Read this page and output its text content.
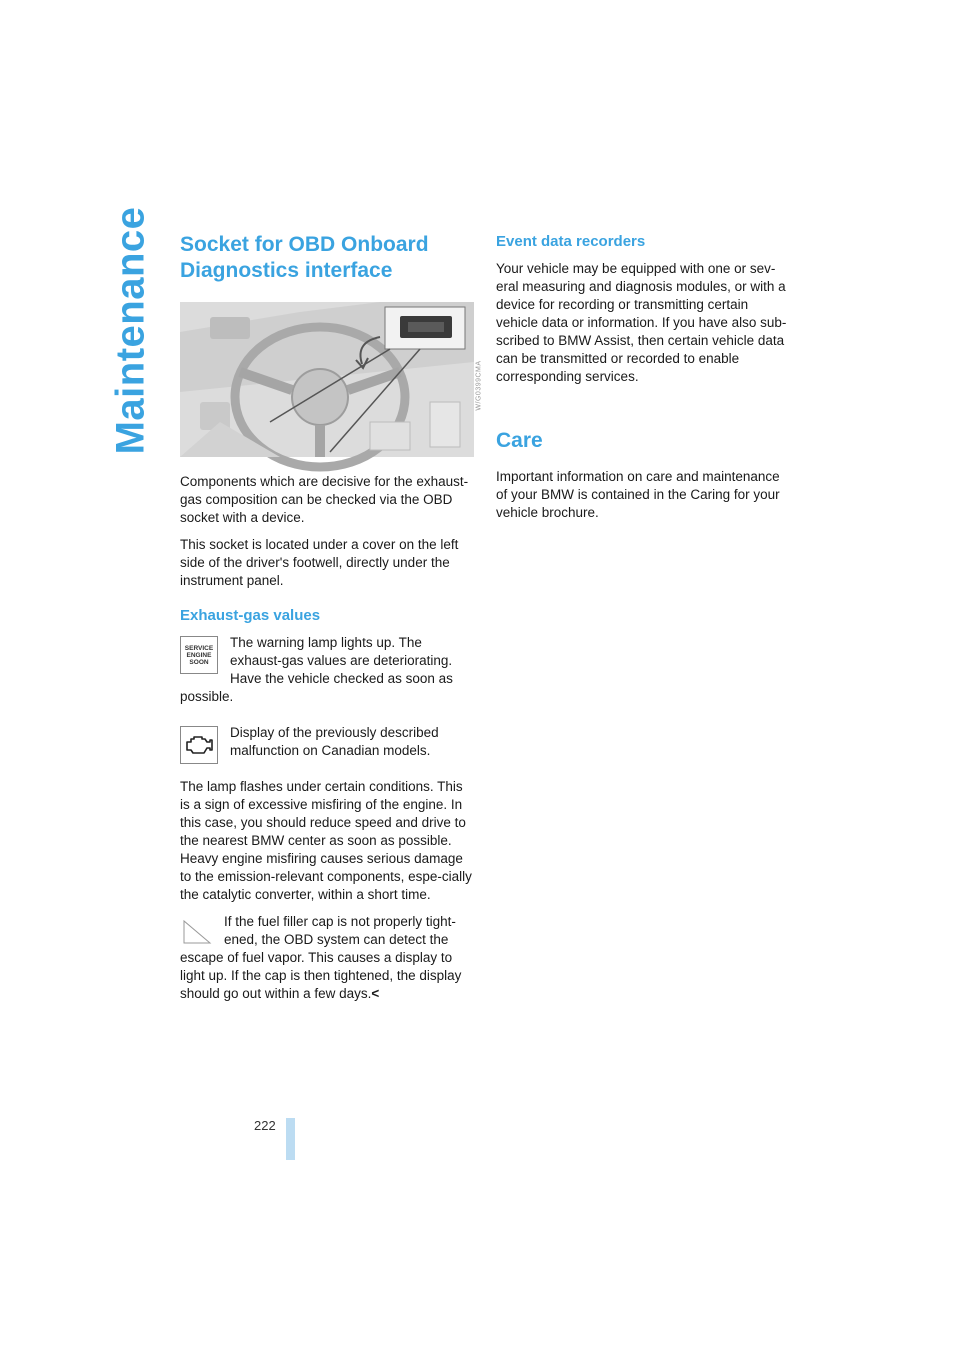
Maintenance Socket for OBD Onboard Diagnostics interface
W/G0399CMA

Components which are decisive for the exhaust-gas composition can be checked via the OBD socket with a device.

This socket is located under a cover on the left side of the driver's footwell, directly under the instrument panel.

Exhaust-gas values
SERVICE
ENGINE
SOON

The warning lamp lights up. The exhaust-gas values are deteriorating. Have the vehicle checked as soon as possible.

Display of the previously described malfunction on Canadian models.

The lamp flashes under certain conditions. This is a sign of excessive misfiring of the engine. In this case, you should reduce speed and drive to the nearest BMW center as soon as possible. Heavy engine misfiring causes serious damage to the emission-relevant components, espe-cially the catalytic converter, within a short time.

If the fuel filler cap is not properly tight-ened, the OBD system can detect the escape of fuel vapor. This causes a display to light up. If the cap is then tightened, the display should go out within a few days.<

Event data recorders

Your vehicle may be equipped with one or sev-eral measuring and diagnosis modules, or with a device for recording or transmitting certain vehicle data or information. If you have also sub-scribed to BMW Assist, then certain vehicle data can be transmitted or recorded to enable corresponding services.

Care

Important information on care and maintenance of your BMW is contained in the Caring for your vehicle brochure.

222
